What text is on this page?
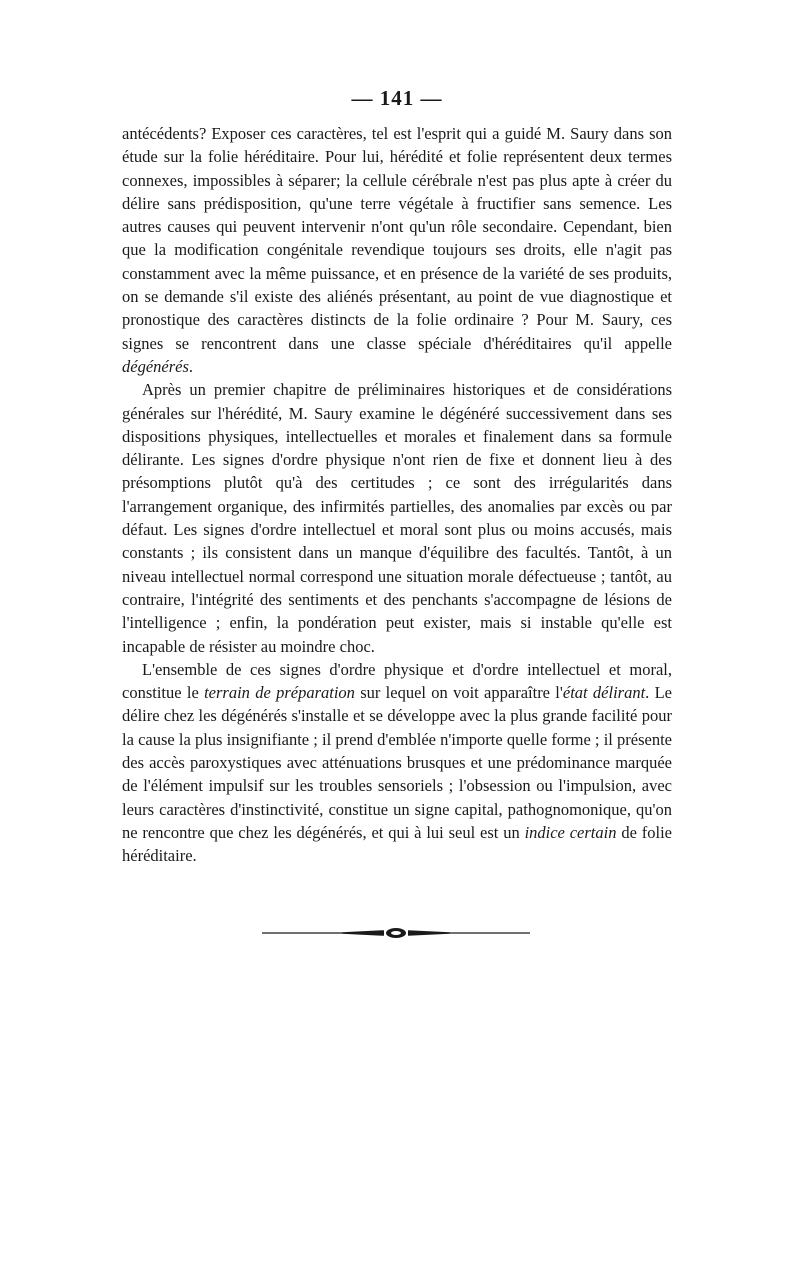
— 141 —

antécédents? Exposer ces caractères, tel est l'esprit qui a guidé M. Saury dans son étude sur la folie héréditaire. Pour lui, hérédité et folie représentent deux termes connexes, impossibles à séparer; la cellule cérébrale n'est pas plus apte à créer du délire sans prédisposition, qu'une terre végétale à fructifier sans semence. Les autres causes qui peuvent intervenir n'ont qu'un rôle secondaire. Cependant, bien que la modification congénitale revendique toujours ses droits, elle n'agit pas constamment avec la même puissance, et en présence de la variété de ses produits, on se demande s'il existe des aliénés présentant, au point de vue diagnostique et pronostique des caractères distincts de la folie ordinaire ? Pour M. Saury, ces signes se rencontrent dans une classe spéciale d'héréditaires qu'il appelle dégénérés.

Après un premier chapitre de préliminaires historiques et de considérations générales sur l'hérédité, M. Saury examine le dégénéré successivement dans ses dispositions physiques, intellectuelles et morales et finalement dans sa formule délirante. Les signes d'ordre physique n'ont rien de fixe et donnent lieu à des présomptions plutôt qu'à des certitudes ; ce sont des irrégularités dans l'arrangement organique, des infirmités partielles, des anomalies par excès ou par défaut. Les signes d'ordre intellectuel et moral sont plus ou moins accusés, mais constants ; ils consistent dans un manque d'équilibre des facultés. Tantôt, à un niveau intellectuel normal correspond une situation morale défectueuse ; tantôt, au contraire, l'intégrité des sentiments et des penchants s'accompagne de lésions de l'intelligence ; enfin, la pondération peut exister, mais si instable qu'elle est incapable de résister au moindre choc.

L'ensemble de ces signes d'ordre physique et d'ordre intellectuel et moral, constitue le terrain de préparation sur lequel on voit apparaître l'état délirant. Le délire chez les dégénérés s'installe et se développe avec la plus grande facilité pour la cause la plus insignifiante ; il prend d'emblée n'importe quelle forme ; il présente des accès paroxystiques avec atténuations brusques et une prédominance marquée de l'élément impulsif sur les troubles sensoriels ; l'obsession ou l'impulsion, avec leurs caractères d'instinctivité, constitue un signe capital, pathognomonique, qu'on ne rencontre que chez les dégénérés, et qui à lui seul est un indice certain de folie héréditaire.
